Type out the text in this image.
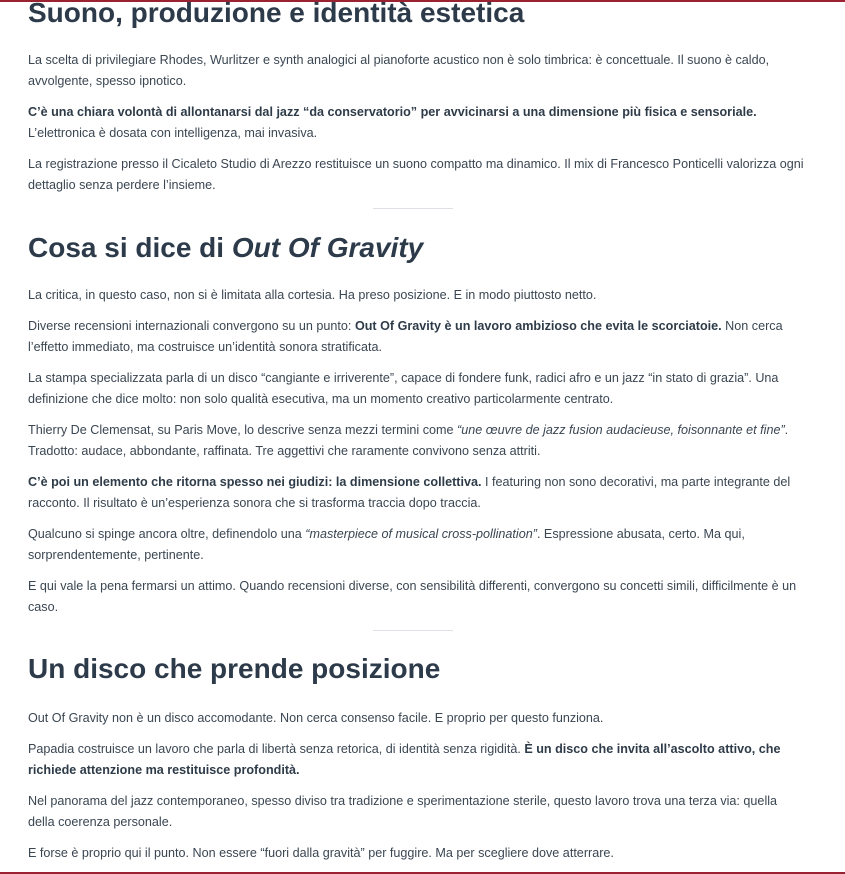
Suono, produzione e identità estetica

La scelta di privilegiare Rhodes, Wurlitzer e synth analogici al pianoforte acustico non è solo timbrica: è concettuale. Il suono è caldo, avvolgente, spesso ipnotico.

C’è una chiara volontà di allontanarsi dal jazz “da conservatorio” per avvicinarsi a una dimensione più fisica e sensoriale. L’elettronica è dosata con intelligenza, mai invasiva.

La registrazione presso il Cicaleto Studio di Arezzo restituisce un suono compatto ma dinamico. Il mix di Francesco Ponticelli valorizza ogni dettaglio senza perdere l’insieme.

Cosa si dice di Out Of Gravity

La critica, in questo caso, non si è limitata alla cortesia. Ha preso posizione. E in modo piuttosto netto.

Diverse recensioni internazionali convergono su un punto: Out Of Gravity è un lavoro ambizioso che evita le scorciatoie. Non cerca l’effetto immediato, ma costruisce un’identità sonora stratificata.

La stampa specializzata parla di un disco “cangiante e irriverente”, capace di fondere funk, radici afro e un jazz “in stato di grazia”. Una definizione che dice molto: non solo qualità esecutiva, ma un momento creativo particolarmente centrato.

Thierry De Clemensat, su Paris Move, lo descrive senza mezzi termini come “une œuvre de jazz fusion audacieuse, foisonnante et fine”. Tradotto: audace, abbondante, raffinata. Tre aggettivi che raramente convivono senza attriti.

C’è poi un elemento che ritorna spesso nei giudizi: la dimensione collettiva. I featuring non sono decorativi, ma parte integrante del racconto. Il risultato è un’esperienza sonora che si trasforma traccia dopo traccia.

Qualcuno si spinge ancora oltre, definendolo una “masterpiece of musical cross-pollination”. Espressione abusata, certo. Ma qui, sorprendentemente, pertinente.

E qui vale la pena fermarsi un attimo. Quando recensioni diverse, con sensibilità differenti, convergono su concetti simili, difficilmente è un caso.

Un disco che prende posizione

Out Of Gravity non è un disco accomodante. Non cerca consenso facile. E proprio per questo funziona.

Papadia costruisce un lavoro che parla di libertà senza retorica, di identità senza rigidità. È un disco che invita all’ascolto attivo, che richiede attenzione ma restituisce profondità.

Nel panorama del jazz contemporaneo, spesso diviso tra tradizione e sperimentazione sterile, questo lavoro trova una terza via: quella della coerenza personale.

E forse è proprio qui il punto. Non essere “fuori dalla gravità” per fuggire. Ma per scegliere dove atterrare.
